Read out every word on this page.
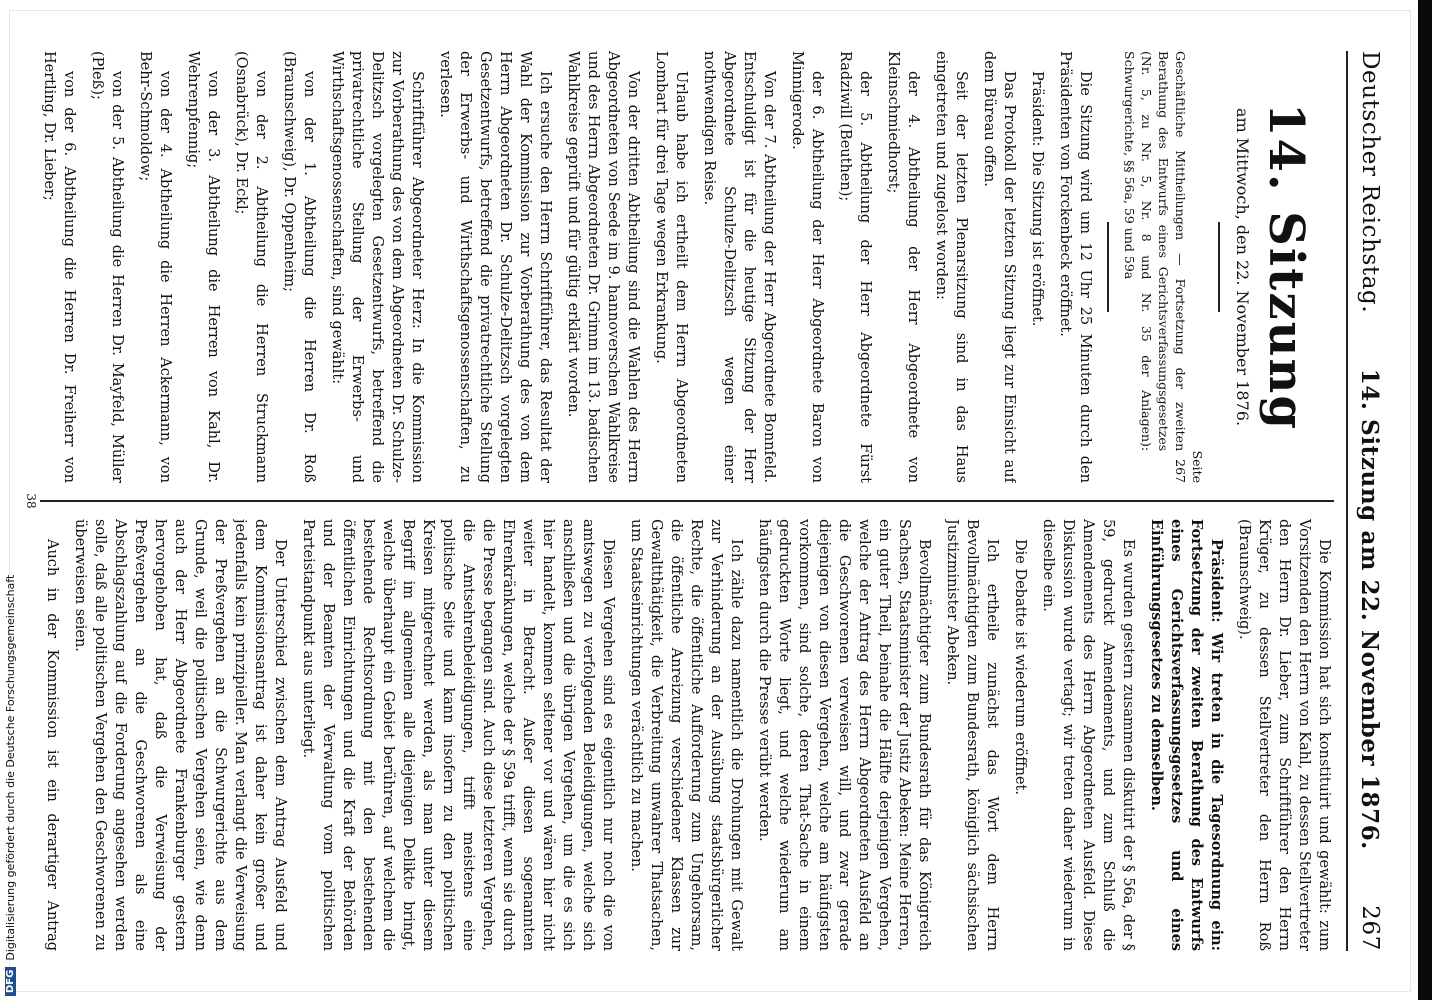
Deutscher Reichstag.
14. Sitzung am 22. November 1876.
267
14. Sitzung
am Mittwoch, den 22. November 1876.
Seite
Geschäftliche Mittheilungen — Fortsetzung der zweiten Berathung des Entwurfs eines Gerichtsverfassungsgesetzes (Nr. 5, zu Nr. 5, Nr. 8 und Nr. 35 der Anlagen): Schwurgerichte, §§ 56a, 59 und 59a
267

Die Sitzung wird um 12 Uhr 25 Minuten durch den Präsidenten von Forckenbeck eröffnet.

Präsident: Die Sitzung ist eröffnet.

Das Protokoll der letzten Sitzung liegt zur Einsicht auf dem Büreau offen.

Seit der letzten Plenarsitzung sind in das Haus eingetreten und zugelost worden:

der 4. Abtheilung der Herr Abgeordnete von Kleinschmiedhorst;

der 5. Abtheilung der Herr Abgeordnete Fürst Radziwill (Beuthen);

der 6. Abtheilung der Herr Abgeordnete Baron von Minnigerode.

Von der 7. Abtheilung der Herr Abgeordnete Bonnfeld. Entschuldigt ist für die heutige Sitzung der Herr Abgeordnete Schulze-Delitzsch wegen einer nothwendigen Reise.

Urlaub habe ich ertheilt dem Herrn Abgeordneten Lombart für drei Tage wegen Erkrankung.

Von der dritten Abtheilung sind die Wahlen des Herrn Abgeordneten von Seede im 9. hannoverschen Wahlkreise und des Herrn Abgeordneten Dr. Grimm im 13. badischen Wahlkreise geprüft und für gültig erklärt worden.

Ich ersuche den Herrn Schriftführer, das Resultat der Wahl der Kommission zur Vorberathung des von dem Herrn Abgeordneten Dr. Schulze-Delitzsch vorgelegten Gesetzentwurfs, betreffend die privatrechtliche Stellung der Erwerbs- und Wirthschaftsgenossenschaften, zu verlesen.

Schriftführer Abgeordneter Herz: In die Kommission zur Vorberathung des von dem Abgeordneten Dr. Schulze-Delitzsch vorgelegten Gesetzentwurfs, betreffend die privatrechtliche Stellung der Erwerbs- und Wirthschaftsgenossenschaften, sind gewählt:

von der 1. Abtheilung die Herren Dr. Roß (Braunschweig), Dr. Oppenheim;

von der 2. Abtheilung die Herren Struckmann (Osnabrück), Dr. Eckl;

von der 3. Abtheilung die Herren von Kahl, Dr. Wehrenpfennig;

von der 4. Abtheilung die Herren Ackermann, von Behr-Schmoldow;

von der 5. Abtheilung die Herren Dr. Mayfeld, Müller (Pleß);

von der 6. Abtheilung die Herren Dr. Freiherr von Hertling, Dr. Lieber;

Die Kommission hat sich konstituirt und gewählt: zum Vorsitzenden den Herrn von Kahl, zu dessen Stellvertreter den Herrn Dr. Lieber, zum Schriftführer den Herrn Krüger, zu dessen Stellvertreter den Herrn Roß (Braunschweig).

Präsident: Wir treten in die Tagesordnung ein: Fortsetzung der zweiten Berathung des Entwurfs eines Gerichtsverfassungsgesetzes und eines Einführungsgesetzes zu demselben.

Es wurden gestern zusammen diskutirt der § 56a, der § 59, gedruckt Amendements, und zum Schluß die Amendements des Herrn Abgeordneten Ausfeld. Diese Diskussion wurde vertagt; wir treten daher wiederum in dieselbe ein.

Die Debatte ist wiederum eröffnet.

Ich ertheile zunächst das Wort dem Herrn Bevollmächtigten zum Bundesrath, königlich sächsischen Justizminister Abeken.

Bevollmächtigter zum Bundesrath für das Königreich Sachsen, Staatsminister der Justiz Abeken: Meine Herren, ein guter Theil, beinahe die Hälfte derjenigen Vergehen, welche der Antrag des Herrn Abgeordneten Ausfeld an die Geschworenen verweisen will, und zwar gerade diejenigen von diesen Vergehen, welche am häufigsten vorkommen, sind solche, deren That-Sache in einem gedruckten Worte liegt, und welche wiederum am häufigsten durch die Presse verübt werden.

Ich zähle dazu namentlich die Drohungen mit Gewalt zur Verhinderung an der Ausübung staatsbürgerlicher Rechte, die öffentliche Aufforderung zum Ungehorsam, die öffentliche Anreizung verschiedener Klassen zur Gewaltthätigkeit, die Verbreitung unwahrer Thatsachen, um Staatseinrichtungen verächtlich zu machen.

Diesen Vergehen sind es eigentlich nur noch die von amtswegen zu verfolgenden Beleidigungen, welche sich anschließen und die übrigen Vergehen, um die es sich hier handelt, kommen seltener vor und wären hier nicht weiter in Betracht. Außer diesen sogenannten Ehrenkränkungen, welche der § 59a trifft, wenn sie durch die Presse begangen sind. Auch diese letzteren Vergehen, die Amtsehrenbeleidigungen, trifft meistens eine politische Seite und kann insofern zu den politischen Kreisen mitgerechnet werden, als man unter diesem Begriff im allgemeinen alle diejenigen Delikte bringt, welche überhaupt ein Gebiet berühren, auf welchem die bestehende Rechtsordnung mit den bestehenden öffentlichen Einrichtungen und die Kraft der Behörden und der Beamten der Verwaltung vom politischen Parteistandpunkt aus unterliegt.

Der Unterschied zwischen dem Antrag Ausfeld und dem Kommissionsantrag ist daher kein großer und jedenfalls kein prinzipieller. Man verlangt die Verweisung der Preßvergehen an die Schwurgerichte aus dem Grunde, weil die politischen Vergehen seien, wie denn auch der Herr Abgeordnete Frankenburger gestern hervorgehoben hat, daß die Verweisung der Preßvergehen an die Geschworenen als eine Abschlagszahlung auf die Forderung angesehen werden solle, daß alle politischen Vergehen den Geschworenen zu überweisen seien.

Auch in der Kommission ist ein derartiger Antrag

38
DFG
Digitalisierung gefördert durch die Deutsche Forschungsgemeinschaft
